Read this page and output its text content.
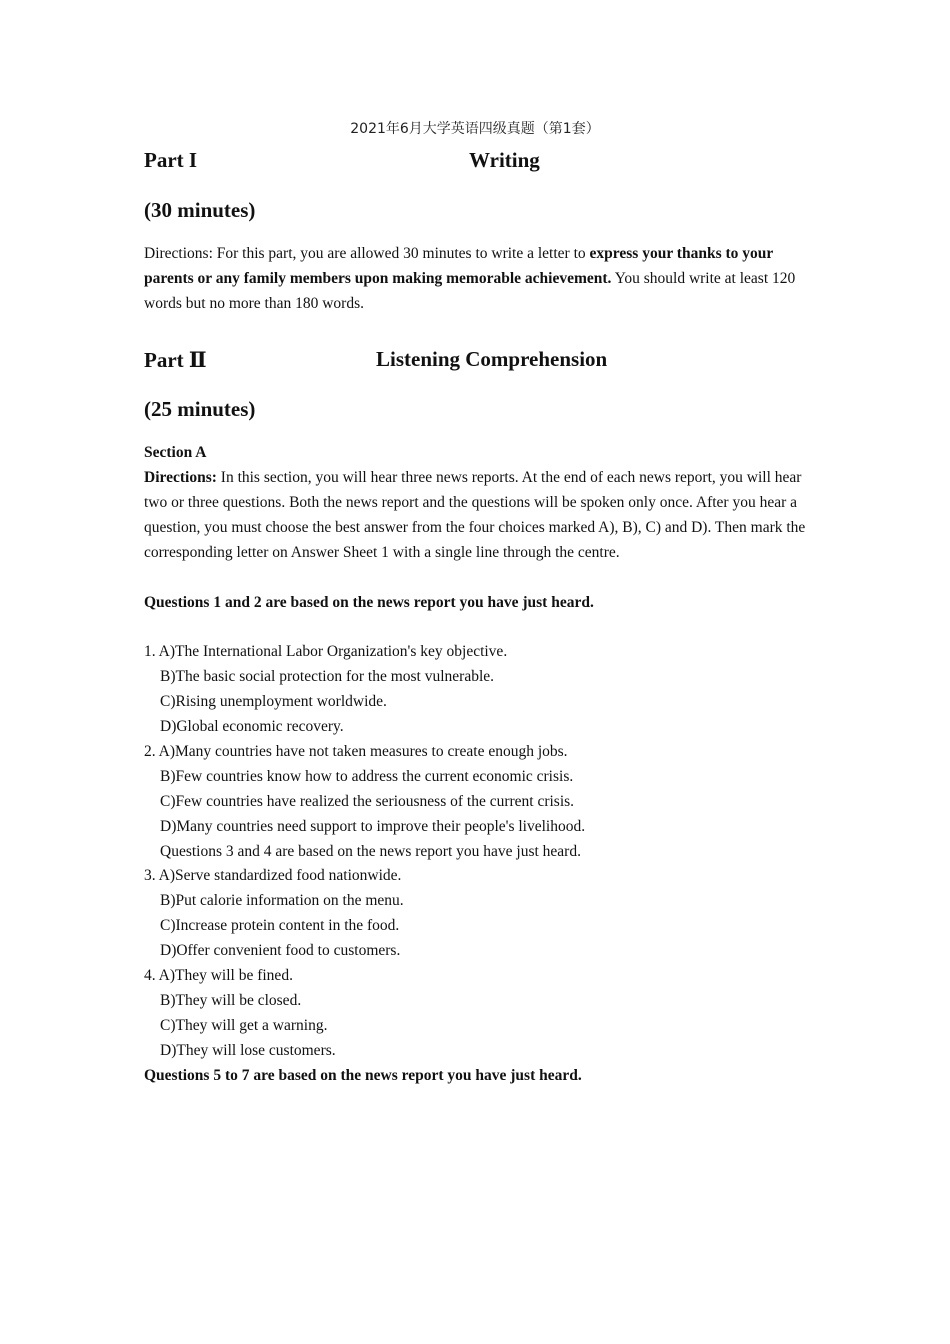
2021年6月大学英语四级真题（第1套）
Part I	Writing
(30 minutes)
Directions: For this part, you are allowed 30 minutes to write a letter to express your thanks to your parents or any family members upon making memorable achievement. You should write at least 120 words but no more than 180 words.
Part Ⅱ	Listening Comprehension
(25 minutes)
Section A
Directions: In this section, you will hear three news reports. At the end of each news report, you will hear two or three questions. Both the news report and the questions will be spoken only once. After you hear a question, you must choose the best answer from the four choices marked A), B), C) and D). Then mark the corresponding letter on Answer Sheet 1 with a single line through the centre.
Questions 1 and 2 are based on the news report you have just heard.
1. A)The International Labor Organization's key objective.
B)The basic social protection for the most vulnerable.
C)Rising unemployment worldwide.
D)Global economic recovery.
2. A)Many countries have not taken measures to create enough jobs.
B)Few countries know how to address the current economic crisis.
C)Few countries have realized the seriousness of the current crisis.
D)Many countries need support to improve their people's livelihood.
Questions 3 and 4 are based on the news report you have just heard.
3. A)Serve standardized food nationwide.
B)Put calorie information on the menu.
C)Increase protein content in the food.
D)Offer convenient food to customers.
4. A)They will be fined.
B)They will be closed.
C)They will get a warning.
D)They will lose customers.
Questions 5 to 7 are based on the news report you have just heard.
